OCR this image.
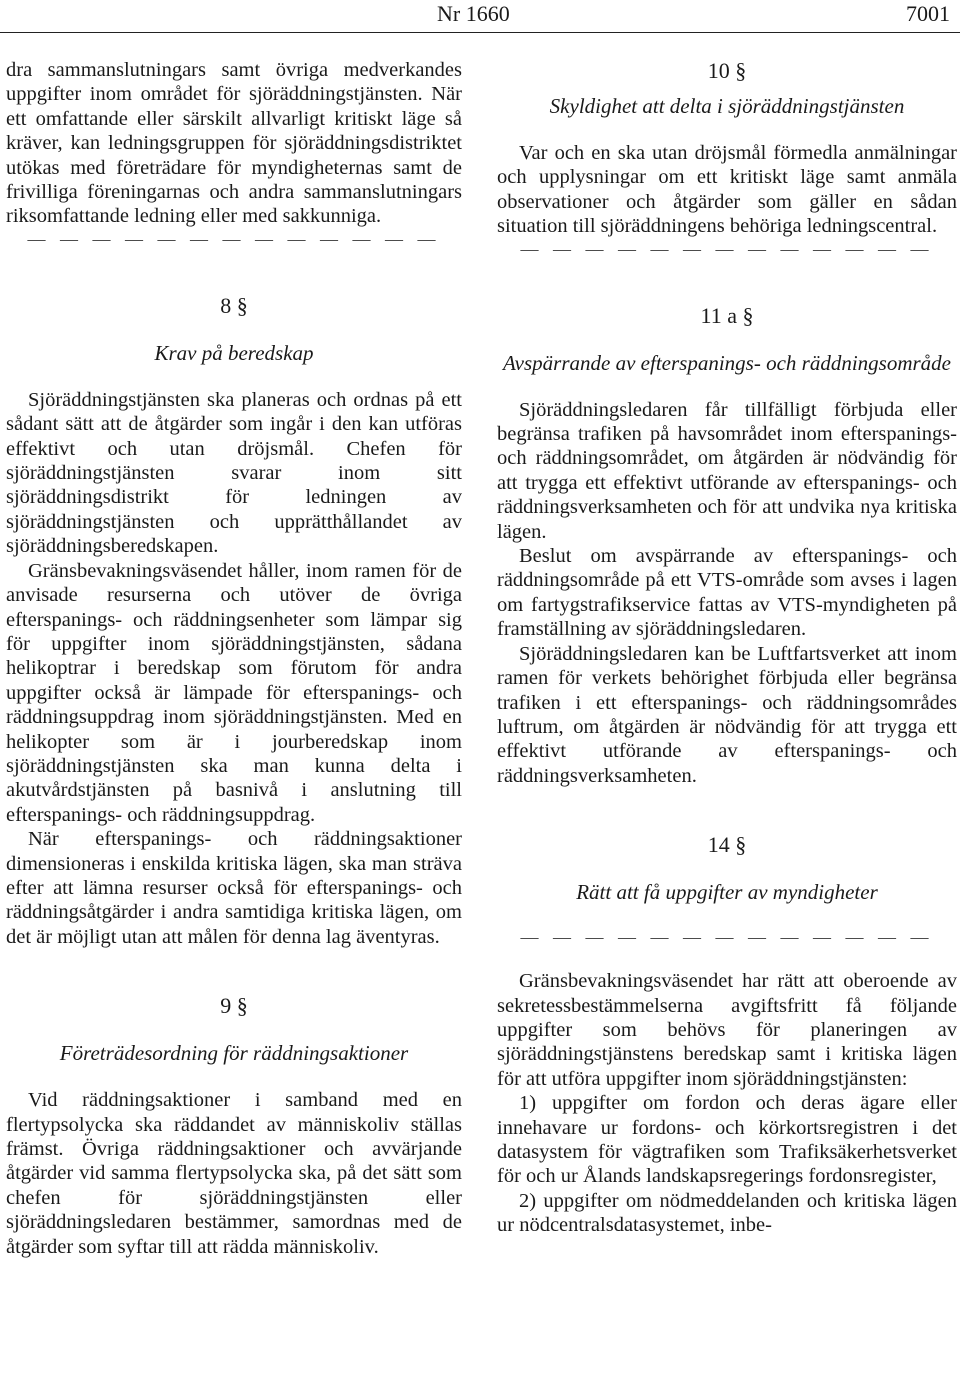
Nr 1660	7001

dra sammanslutningars samt övriga medverkandes uppgifter inom området för sjöräddningstjänsten. När ett omfattande eller särskilt allvarligt kritiskt läge så kräver, kan ledningsgruppen för sjöräddningsdistriktet utökas med företrädare för myndigheternas samt de frivilliga föreningarnas och andra sammanslutningars riksomfattande ledning eller med sakkunniga.

— — — — — — — — — — — — —
8 §
Krav på beredskap

Sjöräddningstjänsten ska planeras och ordnas på ett sådant sätt att de åtgärder som ingår i den kan utföras effektivt och utan dröjsmål. Chefen för sjöräddningstjänsten svarar inom sitt sjöräddningsdistrikt för ledningen av sjöräddningstjänsten och upprätthållandet av sjöräddningsberedskapen.

Gränsbevakningsväsendet håller, inom ramen för de anvisade resurserna och utöver de övriga efterspanings- och räddningsenheter som lämpar sig för uppgifter inom sjöräddningstjänsten, sådana helikoptrar i beredskap som förutom för andra uppgifter också är lämpade för efterspanings- och räddningsuppdrag inom sjöräddningstjänsten. Med en helikopter som är i jourberedskap inom sjöräddningstjänsten ska man kunna delta i akutvårdstjänsten på basnivå i anslutning till efterspanings- och räddningsuppdrag.

När efterspanings- och räddningsaktioner dimensioneras i enskilda kritiska lägen, ska man sträva efter att lämna resurser också för efterspanings- och räddningsåtgärder i andra samtidiga kritiska lägen, om det är möjligt utan att målen för denna lag äventyras.

9 §
Företrädesordning för räddningsaktioner

Vid räddningsaktioner i samband med en flertypsolycka ska räddandet av människoliv ställas främst. Övriga räddningsaktioner och avvärjande åtgärder vid samma flertypsolycka ska, på det sätt som chefen för sjöräddningstjänsten eller sjöräddningsledaren bestämmer, samordnas med de åtgärder som syftar till att rädda människoliv.

10 §
Skyldighet att delta i sjöräddningstjänsten

Var och en ska utan dröjsmål förmedla anmälningar och upplysningar om ett kritiskt läge samt anmäla observationer och åtgärder som gäller en sådan situation till sjöräddningens behöriga ledningscentral.

— — — — — — — — — — — — —
11 a §
Avspärrande av efterspanings- och räddningsområde

Sjöräddningsledaren får tillfälligt förbjuda eller begränsa trafiken på havsområdet inom efterspanings- och räddningsområdet, om åtgärden är nödvändig för att trygga ett effektivt utförande av efterspanings- och räddningsverksamheten och för att undvika nya kritiska lägen.

Beslut om avspärrande av efterspanings- och räddningsområde på ett VTS-område som avses i lagen om fartygstrafikservice fattas av VTS-myndigheten på framställning av sjöräddningsledaren.

Sjöräddningsledaren kan be Luftfartsverket att inom ramen för verkets behörighet förbjuda eller begränsa trafiken i ett efterspanings- och räddningsområdes luftrum, om åtgärden är nödvändig för att trygga ett effektivt utförande av efterspanings- och räddningsverksamheten.

14 §
Rätt att få uppgifter av myndigheter
— — — — — — — — — — — — —

Gränsbevakningsväsendet har rätt att oberoende av sekretessbestämmelserna avgiftsfritt få följande uppgifter som behövs för planeringen av sjöräddningstjänstens beredskap samt i kritiska lägen för att utföra uppgifter inom sjöräddningstjänsten:

1) uppgifter om fordon och deras ägare eller innehavare ur fordons- och körkortsregistren i det datasystem för vägtrafiken som Trafiksäkerhetsverket för och ur Ålands landskapsregerings fordonsregister,

2) uppgifter om nödmeddelanden och kritiska lägen ur nödcentralsdatasystemet, inbe-
